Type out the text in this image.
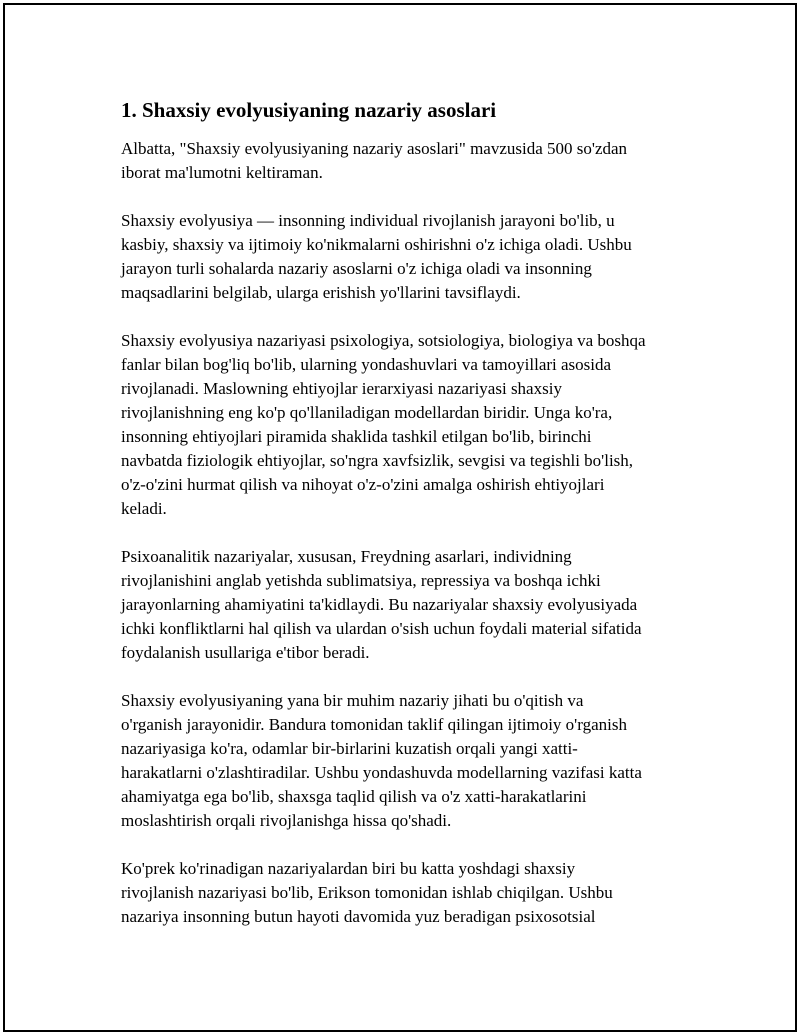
1. Shaxsiy evolyusiyaning nazariy asoslari

Albatta, "Shaxsiy evolyusiyaning nazariy asoslari" mavzusida 500 so'zdan
iborat ma'lumotni keltiraman.

Shaxsiy evolyusiya — insonning individual rivojlanish jarayoni bo'lib, u
kasbiy, shaxsiy va ijtimoiy ko'nikmalarni oshirishni o'z ichiga oladi. Ushbu
jarayon turli sohalarda nazariy asoslarni o'z ichiga oladi va insonning
maqsadlarini belgilab, ularga erishish yo'llarini tavsiflaydi.

Shaxsiy evolyusiya nazariyasi psixologiya, sotsiologiya, biologiya va boshqa
fanlar bilan bog'liq bo'lib, ularning yondashuvlari va tamoyillari asosida
rivojlanadi. Maslowning ehtiyojlar ierarxiyasi nazariyasi shaxsiy
rivojlanishning eng ko'p qo'llaniladigan modellardan biridir. Unga ko'ra,
insonning ehtiyojlari piramida shaklida tashkil etilgan bo'lib, birinchi
navbatda fiziologik ehtiyojlar, so'ngra xavfsizlik, sevgisi va tegishli bo'lish,
o'z-o'zini hurmat qilish va nihoyat o'z-o'zini amalga oshirish ehtiyojlari
keladi.

Psixoanalitik nazariyalar, xususan, Freydning asarlari, individning
rivojlanishini anglab yetishda sublimatsiya, repressiya va boshqa ichki
jarayonlarning ahamiyatini ta'kidlaydi. Bu nazariyalar shaxsiy evolyusiyada
ichki konfliktlarni hal qilish va ulardan o'sish uchun foydali material sifatida
foydalanish usullariga e'tibor beradi.

Shaxsiy evolyusiyaning yana bir muhim nazariy jihati bu o'qitish va
o'rganish jarayonidir. Bandura tomonidan taklif qilingan ijtimoiy o'rganish
nazariyasiga ko'ra, odamlar bir-birlarini kuzatish orqali yangi xatti-
harakatlarni o'zlashtiradilar. Ushbu yondashuvda modellarning vazifasi katta
ahamiyatga ega bo'lib, shaxsga taqlid qilish va o'z xatti-harakatlarini
moslashtirish orqali rivojlanishga hissa qo'shadi.

Ko'prek ko'rinadigan nazariyalardan biri bu katta yoshdagi shaxsiy
rivojlanish nazariyasi bo'lib, Erikson tomonidan ishlab chiqilgan. Ushbu
nazariya insonning butun hayoti davomida yuz beradigan psixosotsial
